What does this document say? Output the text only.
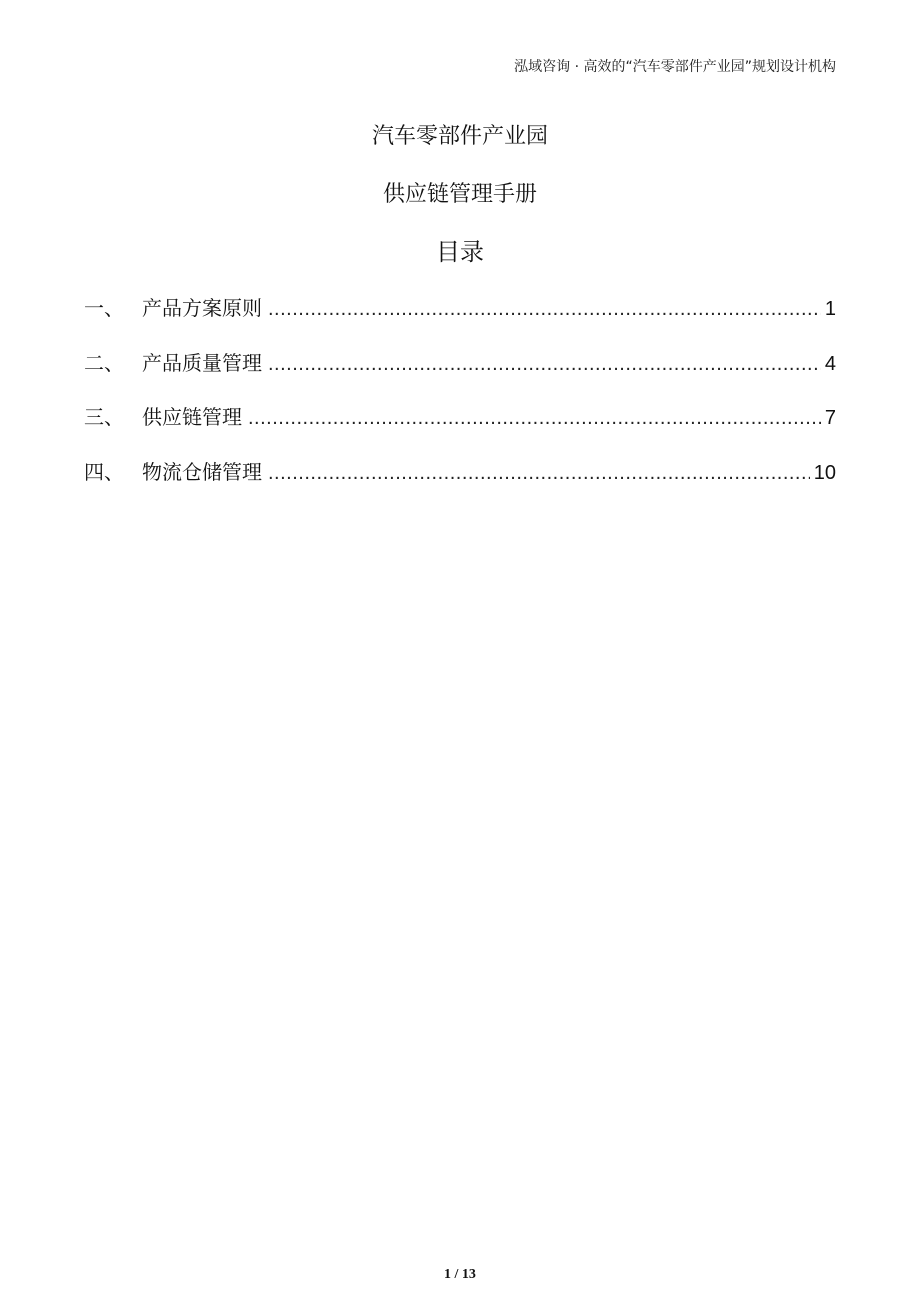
泓域咨询 · 高效的“汽车零部件产业园”规划设计机构
汽车零部件产业园
供应链管理手册
目录
一、 产品方案原则 .....	1
二、 产品质量管理 .....	4
三、 供应链管理 .....	7
四、 物流仓储管理 .....	10
1 / 13
